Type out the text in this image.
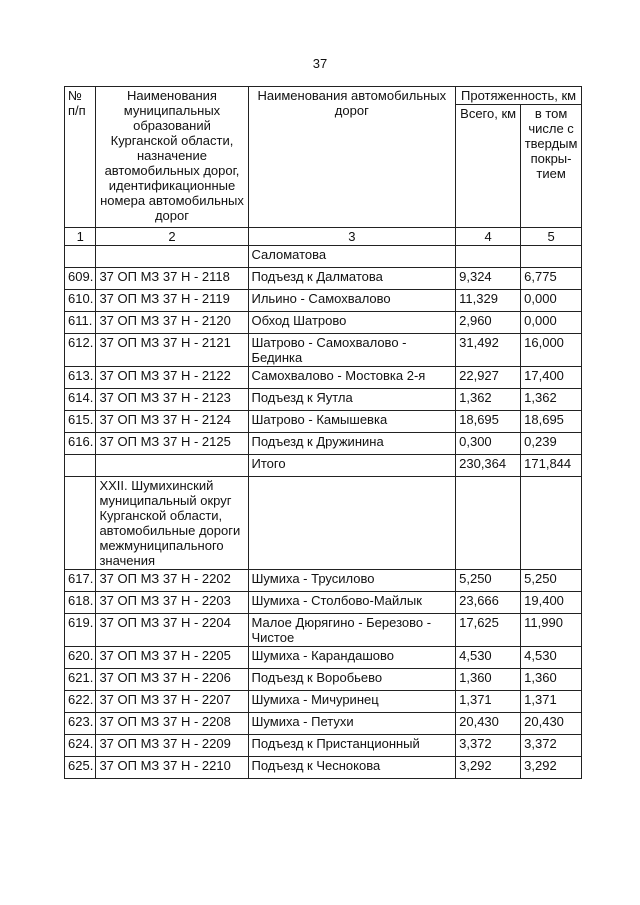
37
№ п/п	Наименования муниципальных образований Курганской области, назначение автомобильных дорог, идентификационные номера автомобильных дорог	Наименования автомобильных дорог	Протяженность, км	
			Всего, км	в том числе с твердым покры-тием
1	2	3	4	5
		Саломатова		
609.	37 ОП МЗ 37 Н - 2118	Подъезд к Далматова	9,324	6,775
610.	37 ОП МЗ 37 Н - 2119	Ильино - Самохвалово	11,329	0,000
611.	37 ОП МЗ 37 Н - 2120	Обход Шатрово	2,960	0,000
612.	37 ОП МЗ 37 Н - 2121	Шатрово - Самохвалово - Бединка	31,492	16,000
613.	37 ОП МЗ 37 Н - 2122	Самохвалово - Мостовка 2-я	22,927	17,400
614.	37 ОП МЗ 37 Н - 2123	Подъезд к Яутла	1,362	1,362
615.	37 ОП МЗ 37 Н - 2124	Шатрово - Камышевка	18,695	18,695
616.	37 ОП МЗ 37 Н - 2125	Подъезд к Дружинина	0,300	0,239
		Итого	230,364	171,844
	XXII. Шумихинский муниципальный округ Курганской области, автомобильные дороги межмуниципального значения			
617.	37 ОП МЗ 37 Н - 2202	Шумиха - Трусилово	5,250	5,250
618.	37 ОП МЗ 37 Н - 2203	Шумиха - Столбово-Майлык	23,666	19,400
619.	37 ОП МЗ 37 Н - 2204	Малое Дюрягино - Березово - Чистое	17,625	11,990
620.	37 ОП МЗ 37 Н - 2205	Шумиха - Карандашово	4,530	4,530
621.	37 ОП МЗ 37 Н - 2206	Подъезд к Воробьево	1,360	1,360
622.	37 ОП МЗ 37 Н - 2207	Шумиха - Мичуринец	1,371	1,371
623.	37 ОП МЗ 37 Н - 2208	Шумиха - Петухи	20,430	20,430
624.	37 ОП МЗ 37 Н - 2209	Подъезд к Пристанционный	3,372	3,372
625.	37 ОП МЗ 37 Н - 2210	Подъезд к Чеснокова	3,292	3,292
